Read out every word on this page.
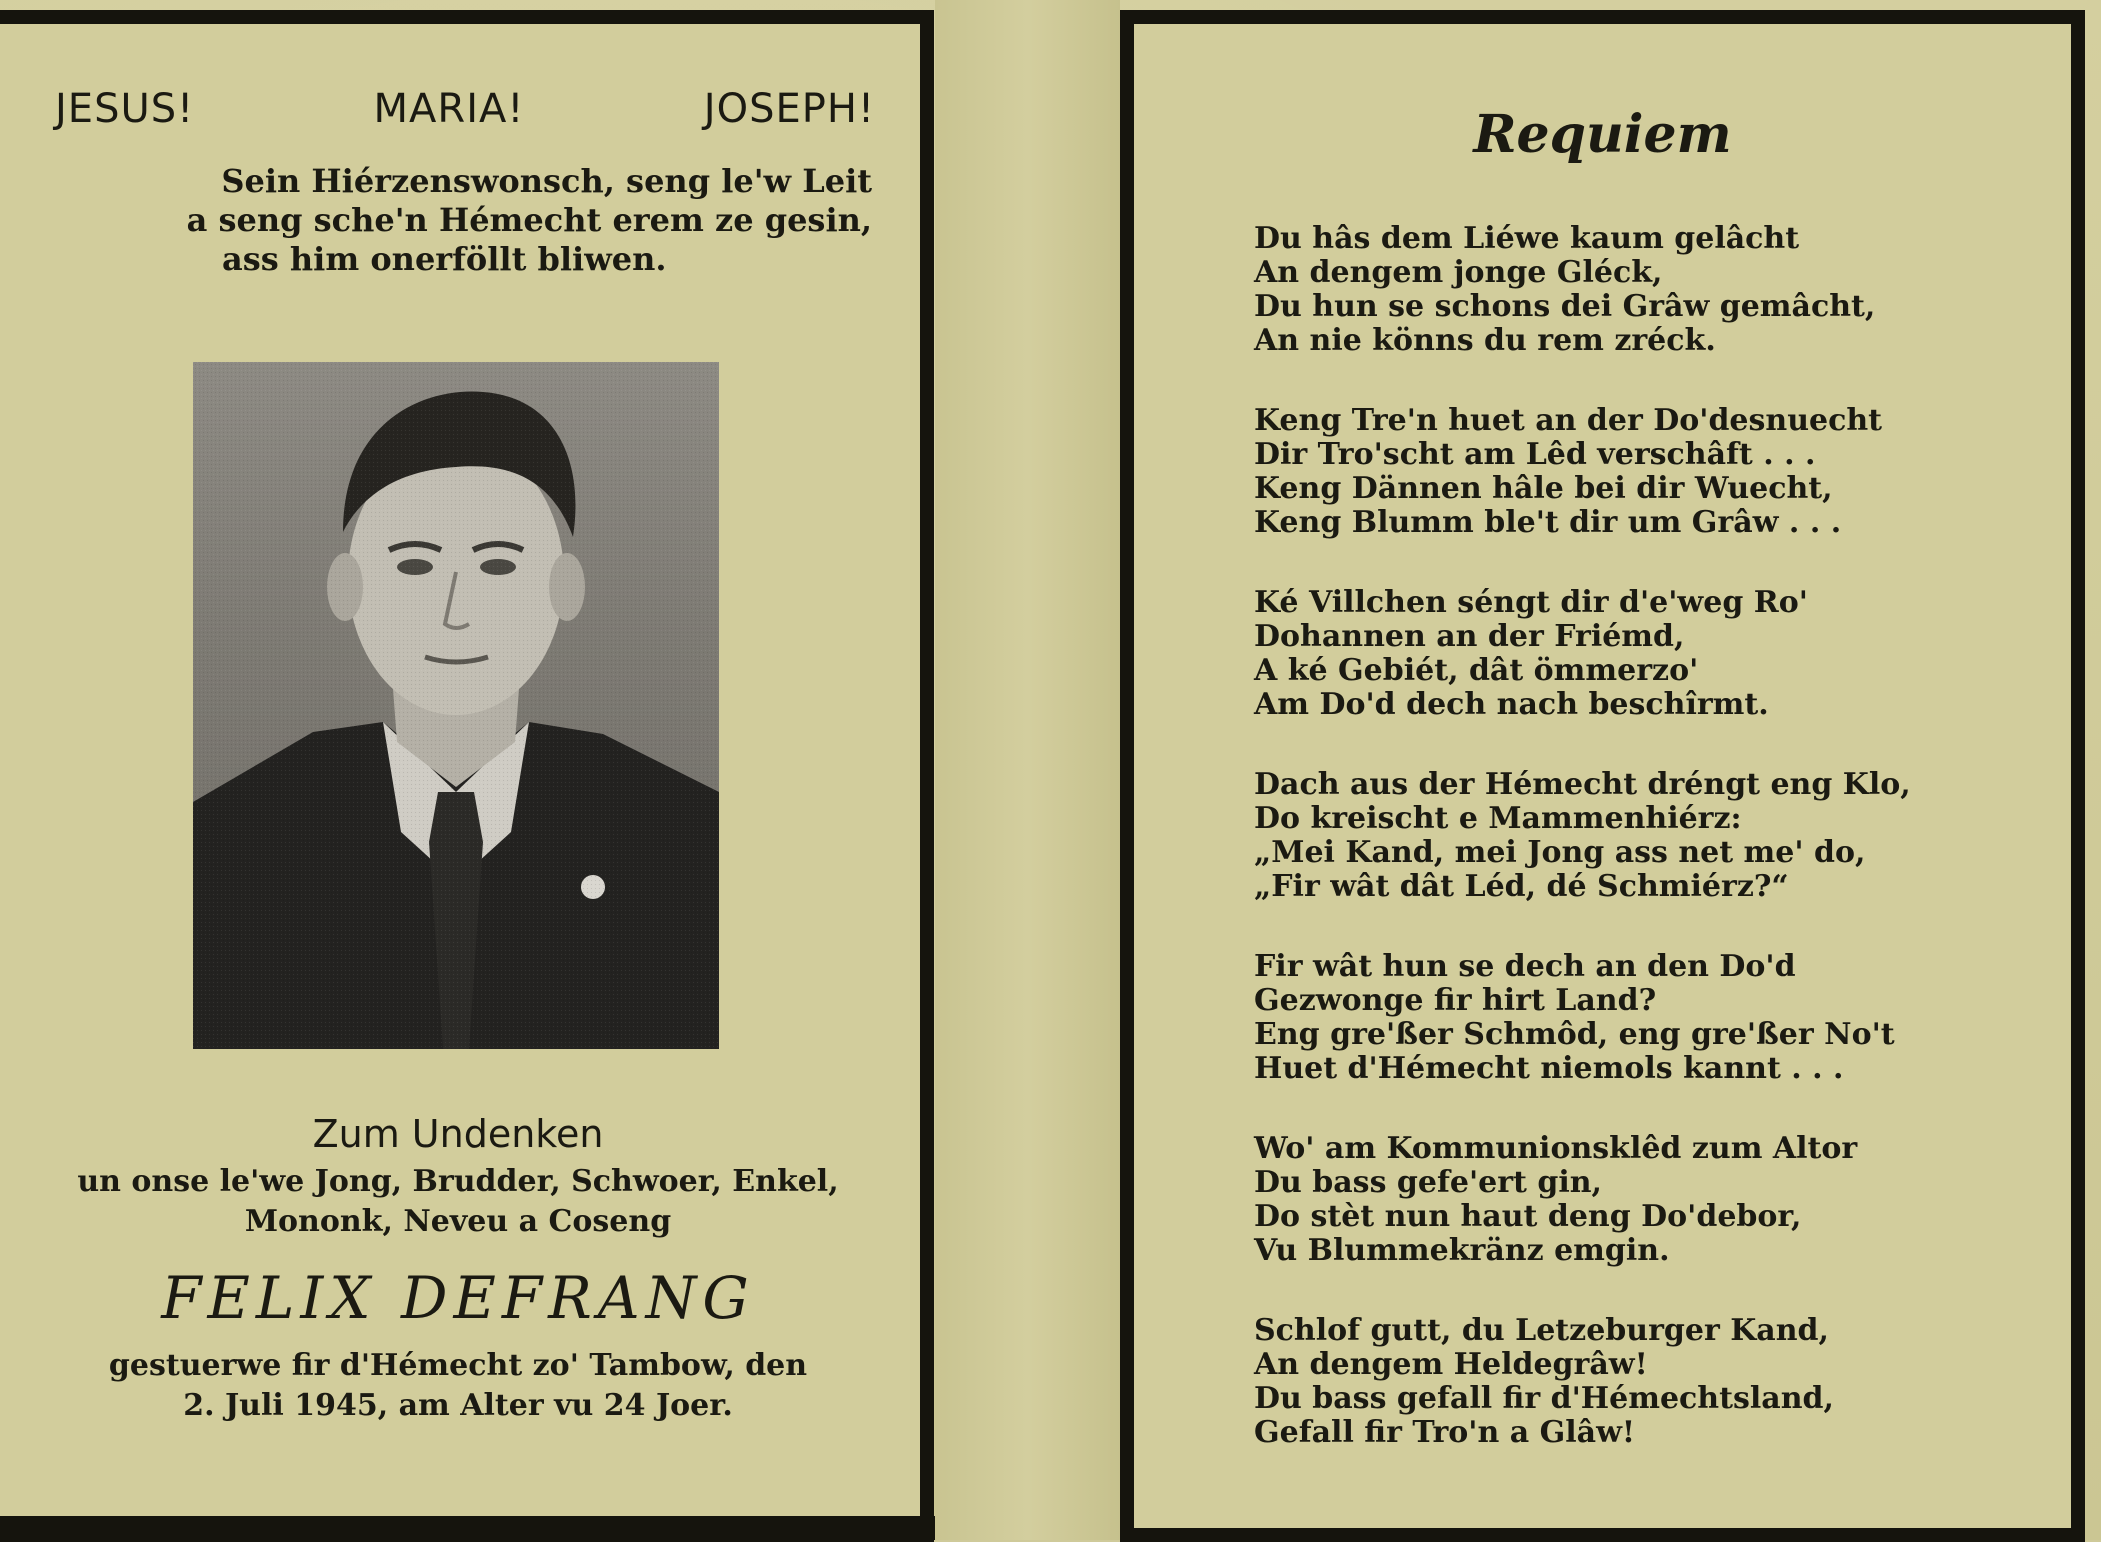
JESUS!	MARIA!	JOSEPH!
Sein Hiérzenswonsch, seng le'w Leit
a seng sche'n Hémecht erem ze gesin,
ass him onerföllt bliwen.
Zum Undenken
un onse le'we Jong, Brudder, Schwoer, Enkel,
Mononk, Neveu a Coseng
FELIX DEFRANG
gestuerwe fir d'Hémecht zo' Tambow, den
2. Juli 1945, am Alter vu 24 Joer.
Requiem
Du hâs dem Liéwe kaum gelâcht
An dengem jonge Gléck,
Du hun se schons dei Grâw gemâcht,
An nie könns du rem zréck.
Keng Tre'n huet an der Do'desnuecht
Dir Tro'scht am Lêd verschâft . . .
Keng Dännen hâle bei dir Wuecht,
Keng Blumm ble't dir um Grâw . . .
Ké Villchen séngt dir d'e'weg Ro'
Dohannen an der Friémd,
A ké Gebiét, dât ömmerzo'
Am Do'd dech nach beschîrmt.
Dach aus der Hémecht dréngt eng Klo,
Do kreischt e Mammenhiérz:
„Mei Kand, mei Jong ass net me' do,
„Fir wât dât Léd, dé Schmiérz?“
Fir wât hun se dech an den Do'd
Gezwonge fir hirt Land?
Eng gre'ßer Schmôd, eng gre'ßer No't
Huet d'Hémecht niemols kannt . . .
Wo' am Kommunionsklêd zum Altor
Du bass gefe'ert gin,
Do stèt nun haut deng Do'debor,
Vu Blummekränz emgin.
Schlof gutt, du Letzeburger Kand,
An dengem Heldegrâw!
Du bass gefall fir d'Hémechtsland,
Gefall fir Tro'n a Glâw!
